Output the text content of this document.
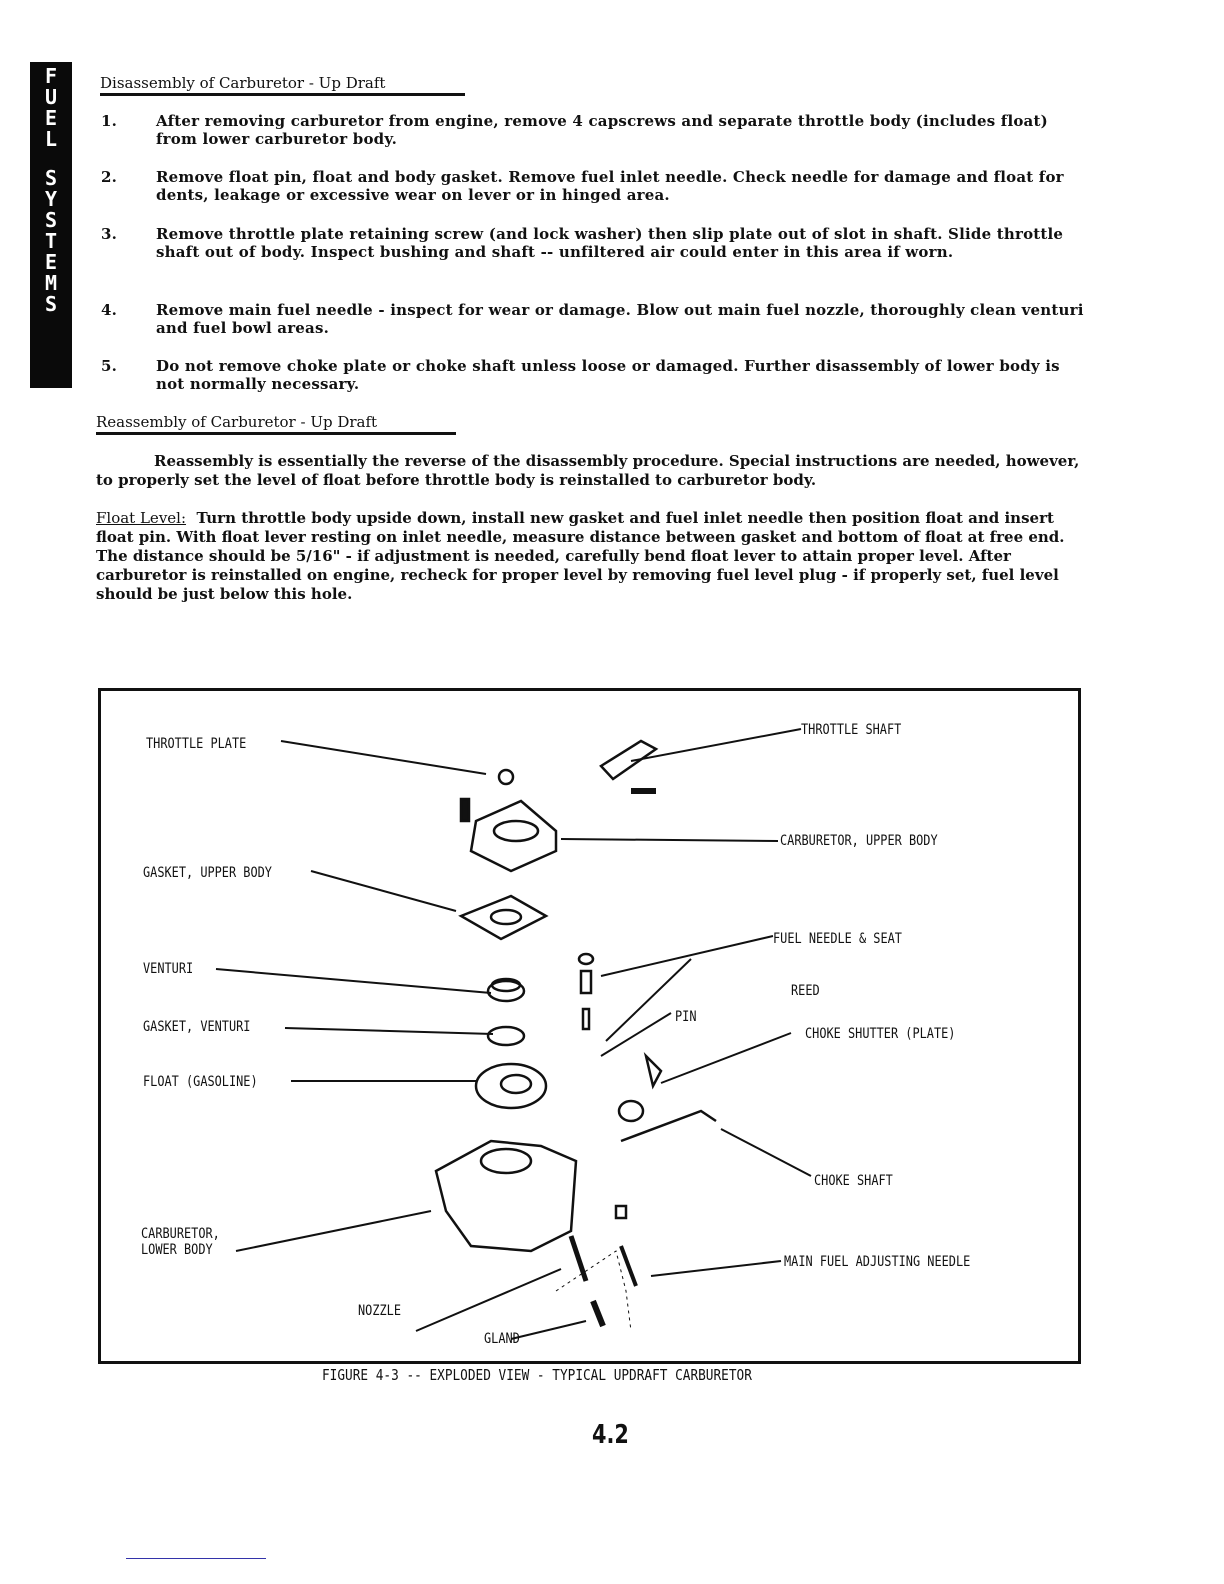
F
U
E
L
S
Y
S
T
E
M
S
Disassembly of Carburetor - Up Draft
1.	After removing carburetor from engine, remove 4 capscrews and separate throttle body (includes float) from lower carburetor body.
2.	Remove float pin, float and body gasket. Remove fuel inlet needle. Check needle for damage and float for dents, leakage or excessive wear on lever or in hinged area.
3.	Remove throttle plate retaining screw (and lock washer) then slip plate out of slot in shaft. Slide throttle shaft out of body. Inspect bushing and shaft -- unfiltered air could enter in this area if worn.
4.	Remove main fuel needle - inspect for wear or damage. Blow out main fuel nozzle, thoroughly clean venturi and fuel bowl areas.
5.	Do not remove choke plate or choke shaft unless loose or damaged. Further disassembly of lower body is not normally necessary.
Reassembly of Carburetor - Up Draft
Reassembly is essentially the reverse of the disassembly procedure. Special instructions are needed, however, to properly set the level of float before throttle body is reinstalled to carburetor body.
Float Level: Turn throttle body upside down, install new gasket and fuel inlet needle then position float and insert float pin. With float lever resting on inlet needle, measure distance between gasket and bottom of float at free end. The distance should be 5/16" - if adjustment is needed, carefully bend float lever to attain proper level. After carburetor is reinstalled on engine, recheck for proper level by removing fuel level plug - if properly set, fuel level should be just below this hole.
THROTTLE PLATE
THROTTLE SHAFT
CARBURETOR, UPPER BODY
GASKET, UPPER BODY
FUEL NEEDLE & SEAT
VENTURI
REED
GASKET, VENTURI
PIN
CHOKE SHUTTER (PLATE)
FLOAT (GASOLINE)
CHOKE SHAFT
CARBURETOR,
LOWER BODY
MAIN FUEL ADJUSTING NEEDLE
NOZZLE
GLAND
FIGURE 4-3 -- EXPLODED VIEW - TYPICAL UPDRAFT CARBURETOR
4.2
